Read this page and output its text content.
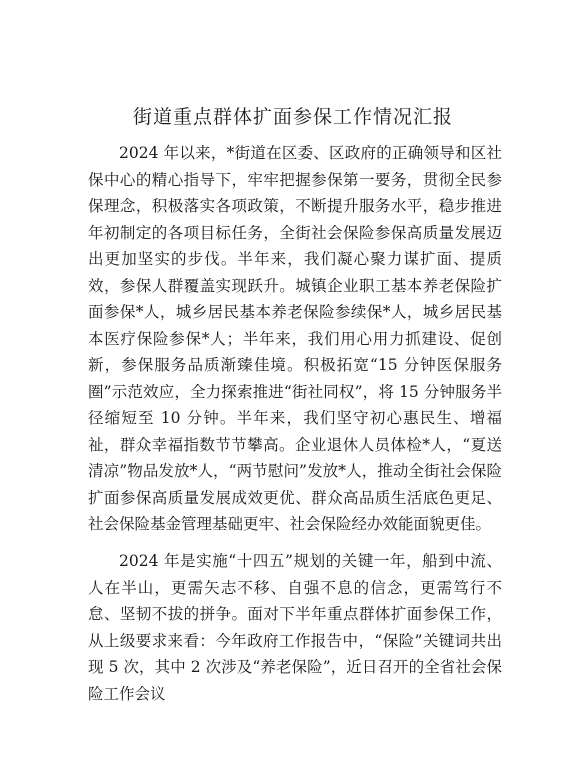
街道重点群体扩面参保工作情况汇报

2024 年以来，*街道在区委、区政府的正确领导和区社保中心的精心指导下，牢牢把握参保第一要务，贯彻全民参保理念，积极落实各项政策，不断提升服务水平，稳步推进年初制定的各项目标任务，全街社会保险参保高质量发展迈出更加坚实的步伐。半年来，我们凝心聚力谋扩面、提质效，参保人群覆盖实现跃升。城镇企业职工基本养老保险扩面参保*人，城乡居民基本养老保险参续保*人，城乡居民基本医疗保险参保*人；半年来，我们用心用力抓建设、促创新，参保服务品质渐臻佳境。积极拓宽“15 分钟医保服务圈”示范效应，全力探索推进“街社同权”，将 15 分钟服务半径缩短至 10 分钟。半年来，我们坚守初心惠民生、增福祉，群众幸福指数节节攀高。企业退休人员体检*人，“夏送清凉”物品发放*人，“两节慰问”发放*人，推动全街社会保险扩面参保高质量发展成效更优、群众高品质生活底色更足、社会保险基金管理基础更牢、社会保险经办效能面貌更佳。

2024 年是实施“十四五”规划的关键一年，船到中流、人在半山，更需矢志不移、自强不息的信念，更需笃行不怠、坚韧不拔的拼争。面对下半年重点群体扩面参保工作，从上级要求来看：今年政府工作报告中，“保险”关键词共出现 5 次，其中 2 次涉及“养老保险”，近日召开的全省社会保险工作会议
